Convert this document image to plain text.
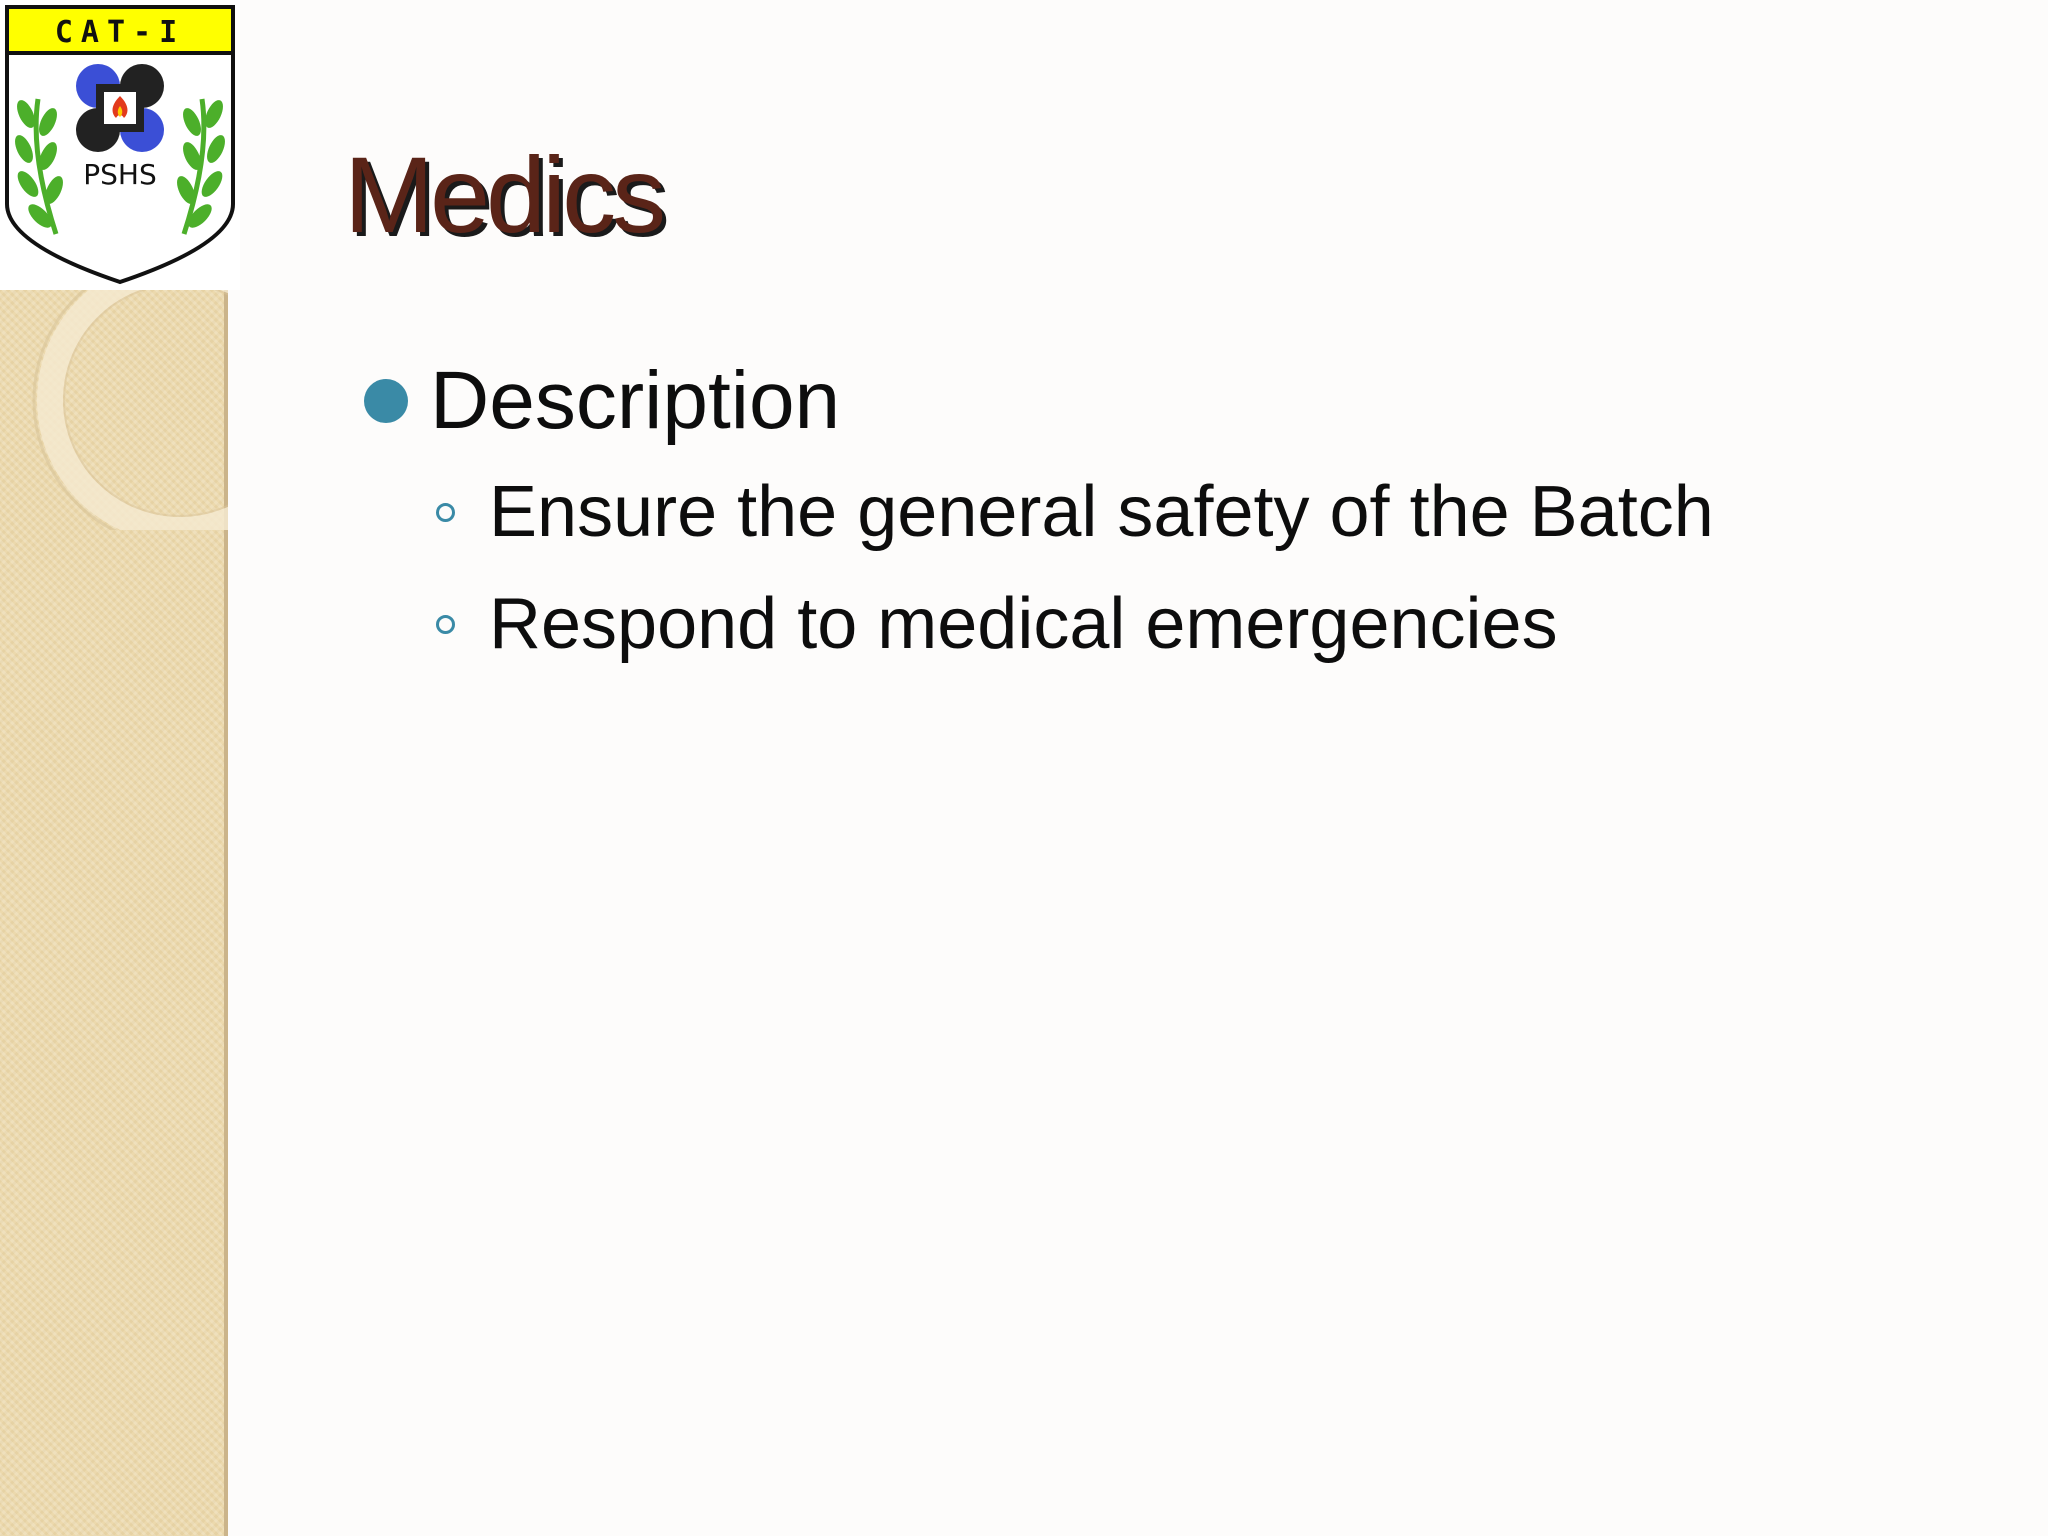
CAT-I
PSHS Medics
Description
Ensure the general safety of the Batch
Respond to medical emergencies
